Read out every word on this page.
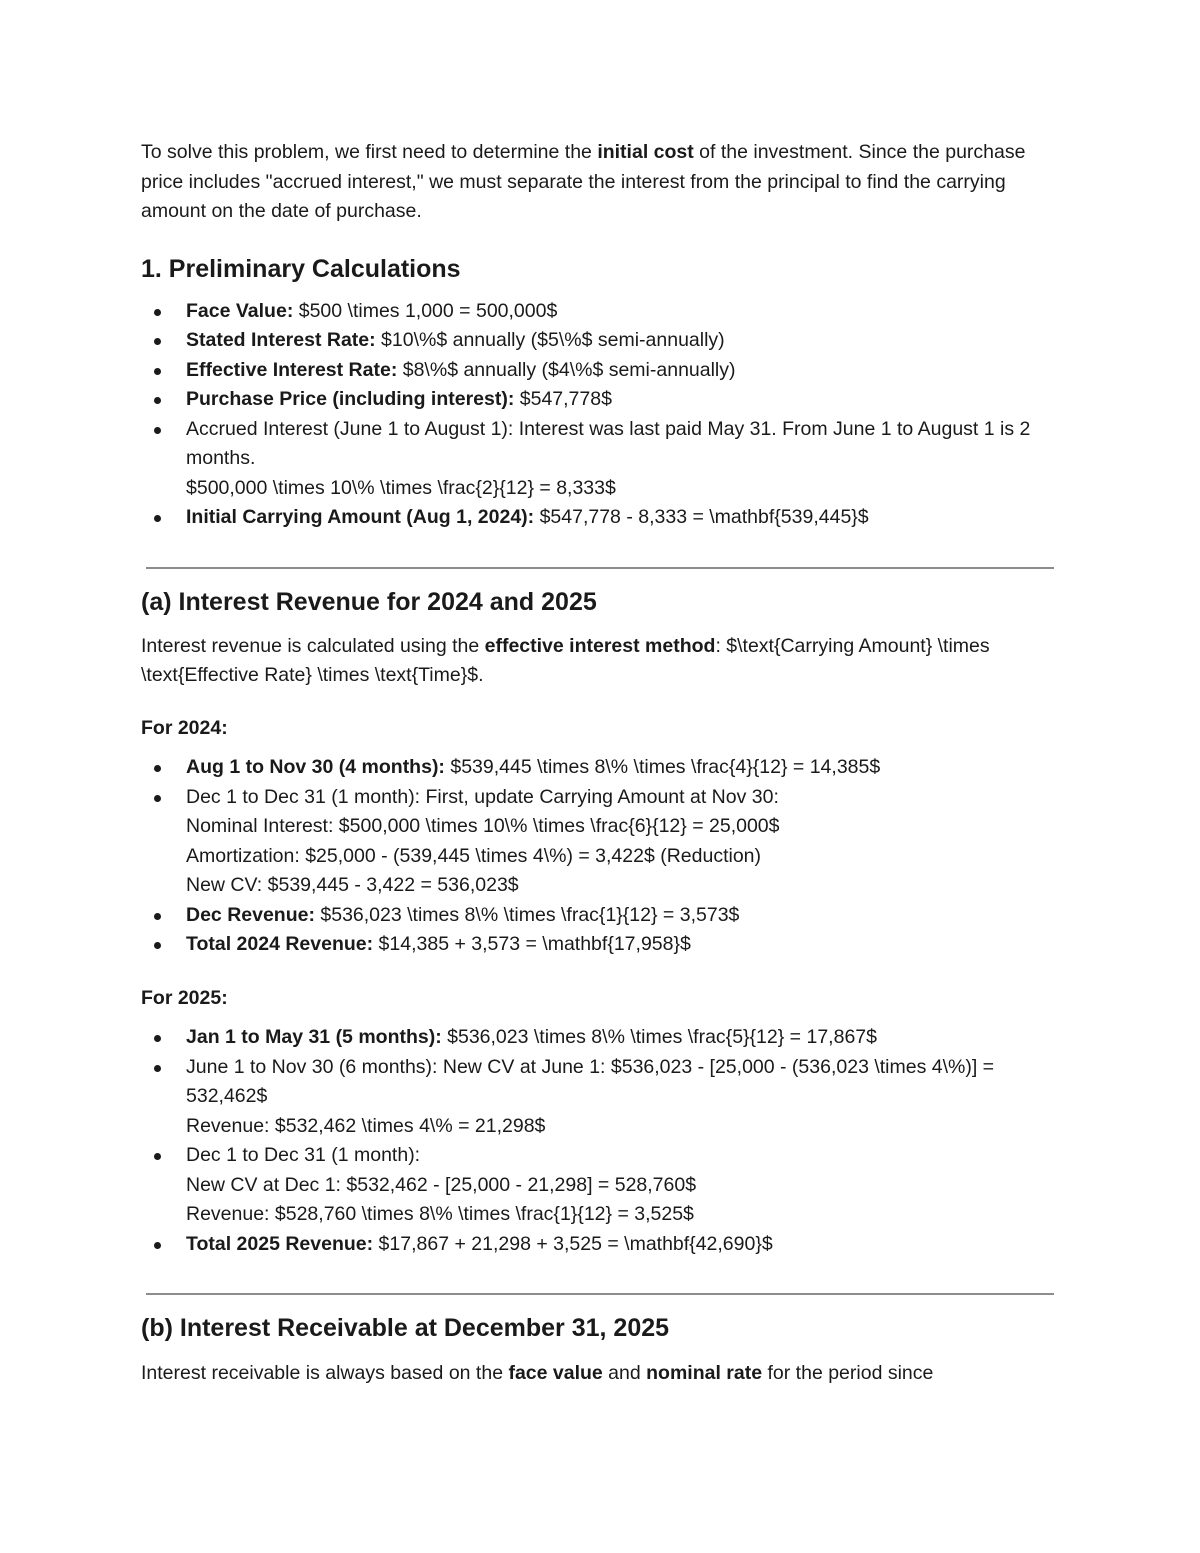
To solve this problem, we first need to determine the initial cost of the investment. Since the purchase price includes "accrued interest," we must separate the interest from the principal to find the carrying amount on the date of purchase.

1. Preliminary Calculations
Face Value: $500 \times 1,000 = 500,000$
Stated Interest Rate: $10\%$ annually ($5\%$ semi-annually)
Effective Interest Rate: $8\%$ annually ($4\%$ semi-annually)
Purchase Price (including interest): $547,778$
Accrued Interest (June 1 to August 1): Interest was last paid May 31. From June 1 to August 1 is 2 months.
$500,000 \times 10\% \times \frac{2}{12} = 8,333$
Initial Carrying Amount (Aug 1, 2024): $547,778 - 8,333 = \mathbf{539,445}$
(a) Interest Revenue for 2024 and 2025

Interest revenue is calculated using the effective interest method: $\text{Carrying Amount} \times \text{Effective Rate} \times \text{Time}$.

For 2024:

Aug 1 to Nov 30 (4 months): $539,445 \times 8\% \times \frac{4}{12} = 14,385$
Dec 1 to Dec 31 (1 month): First, update Carrying Amount at Nov 30:
Nominal Interest: $500,000 \times 10\% \times \frac{6}{12} = 25,000$
Amortization: $25,000 - (539,445 \times 4\%) = 3,422$ (Reduction)
New CV: $539,445 - 3,422 = 536,023$
Dec Revenue: $536,023 \times 8\% \times \frac{1}{12} = 3,573$
Total 2024 Revenue: $14,385 + 3,573 = \mathbf{17,958}$

For 2025:

Jan 1 to May 31 (5 months): $536,023 \times 8\% \times \frac{5}{12} = 17,867$
June 1 to Nov 30 (6 months): New CV at June 1: $536,023 - [25,000 - (536,023 \times 4\%)] = 532,462$
Revenue: $532,462 \times 4\% = 21,298$
Dec 1 to Dec 31 (1 month):
New CV at Dec 1: $532,462 - [25,000 - 21,298] = 528,760$
Revenue: $528,760 \times 8\% \times \frac{1}{12} = 3,525$
Total 2025 Revenue: $17,867 + 21,298 + 3,525 = \mathbf{42,690}$
(b) Interest Receivable at December 31, 2025

Interest receivable is always based on the face value and nominal rate for the period since
